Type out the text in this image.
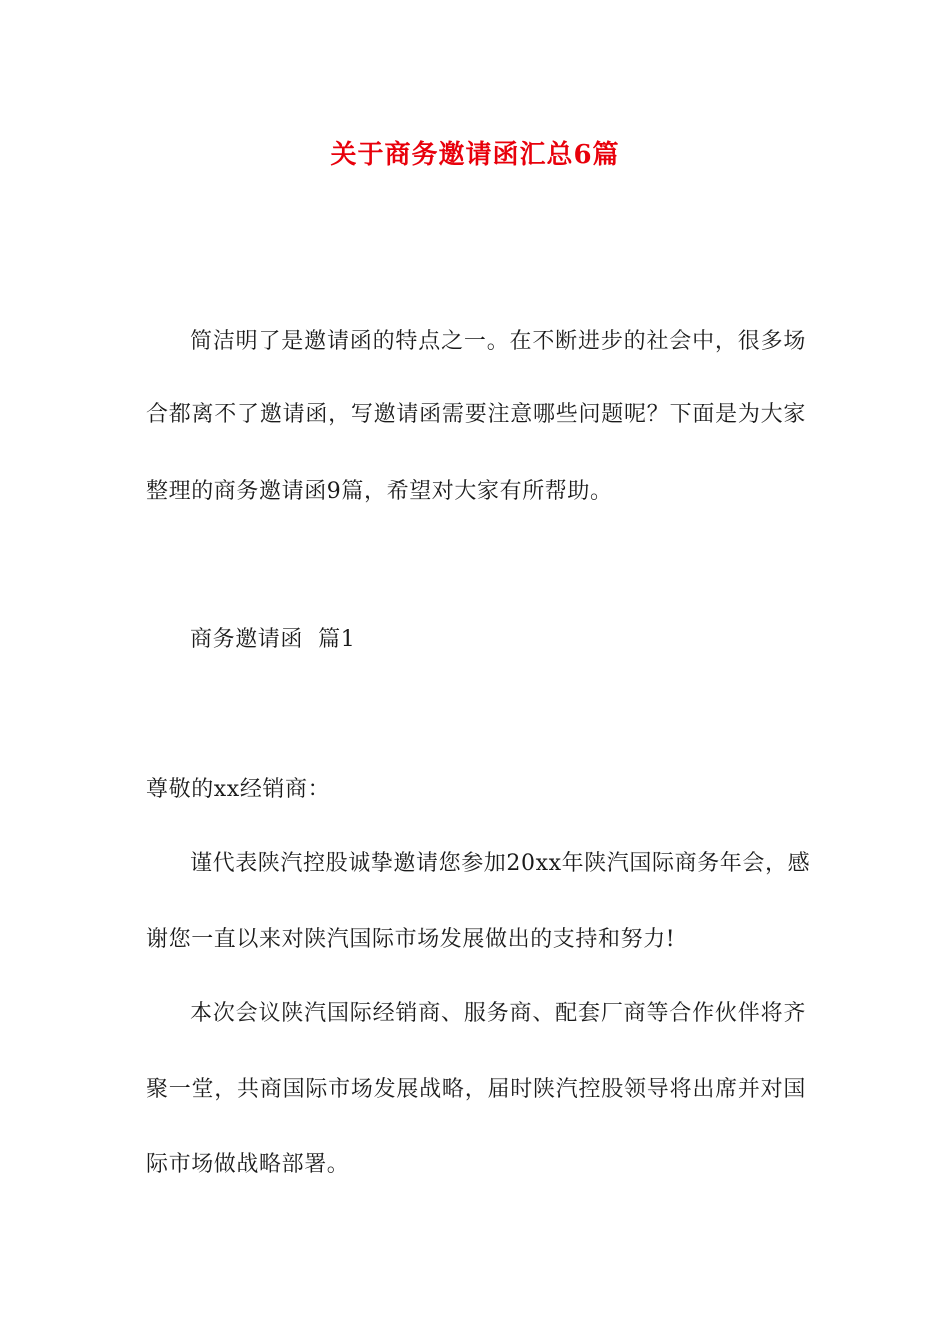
关于商务邀请函汇总6篇
简洁明了是邀请函的特点之一。在不断进步的社会中，很多场
合都离不了邀请函，写邀请函需要注意哪些问题呢？下面是为大家
整理的商务邀请函9篇，希望对大家有所帮助。
商务邀请函  篇1
尊敬的xx经销商：
谨代表陕汽控股诚挚邀请您参加20xx年陕汽国际商务年会，感
谢您一直以来对陕汽国际市场发展做出的支持和努力!
本次会议陕汽国际经销商、服务商、配套厂商等合作伙伴将齐
聚一堂，共商国际市场发展战略，届时陕汽控股领导将出席并对国
际市场做战略部署。
